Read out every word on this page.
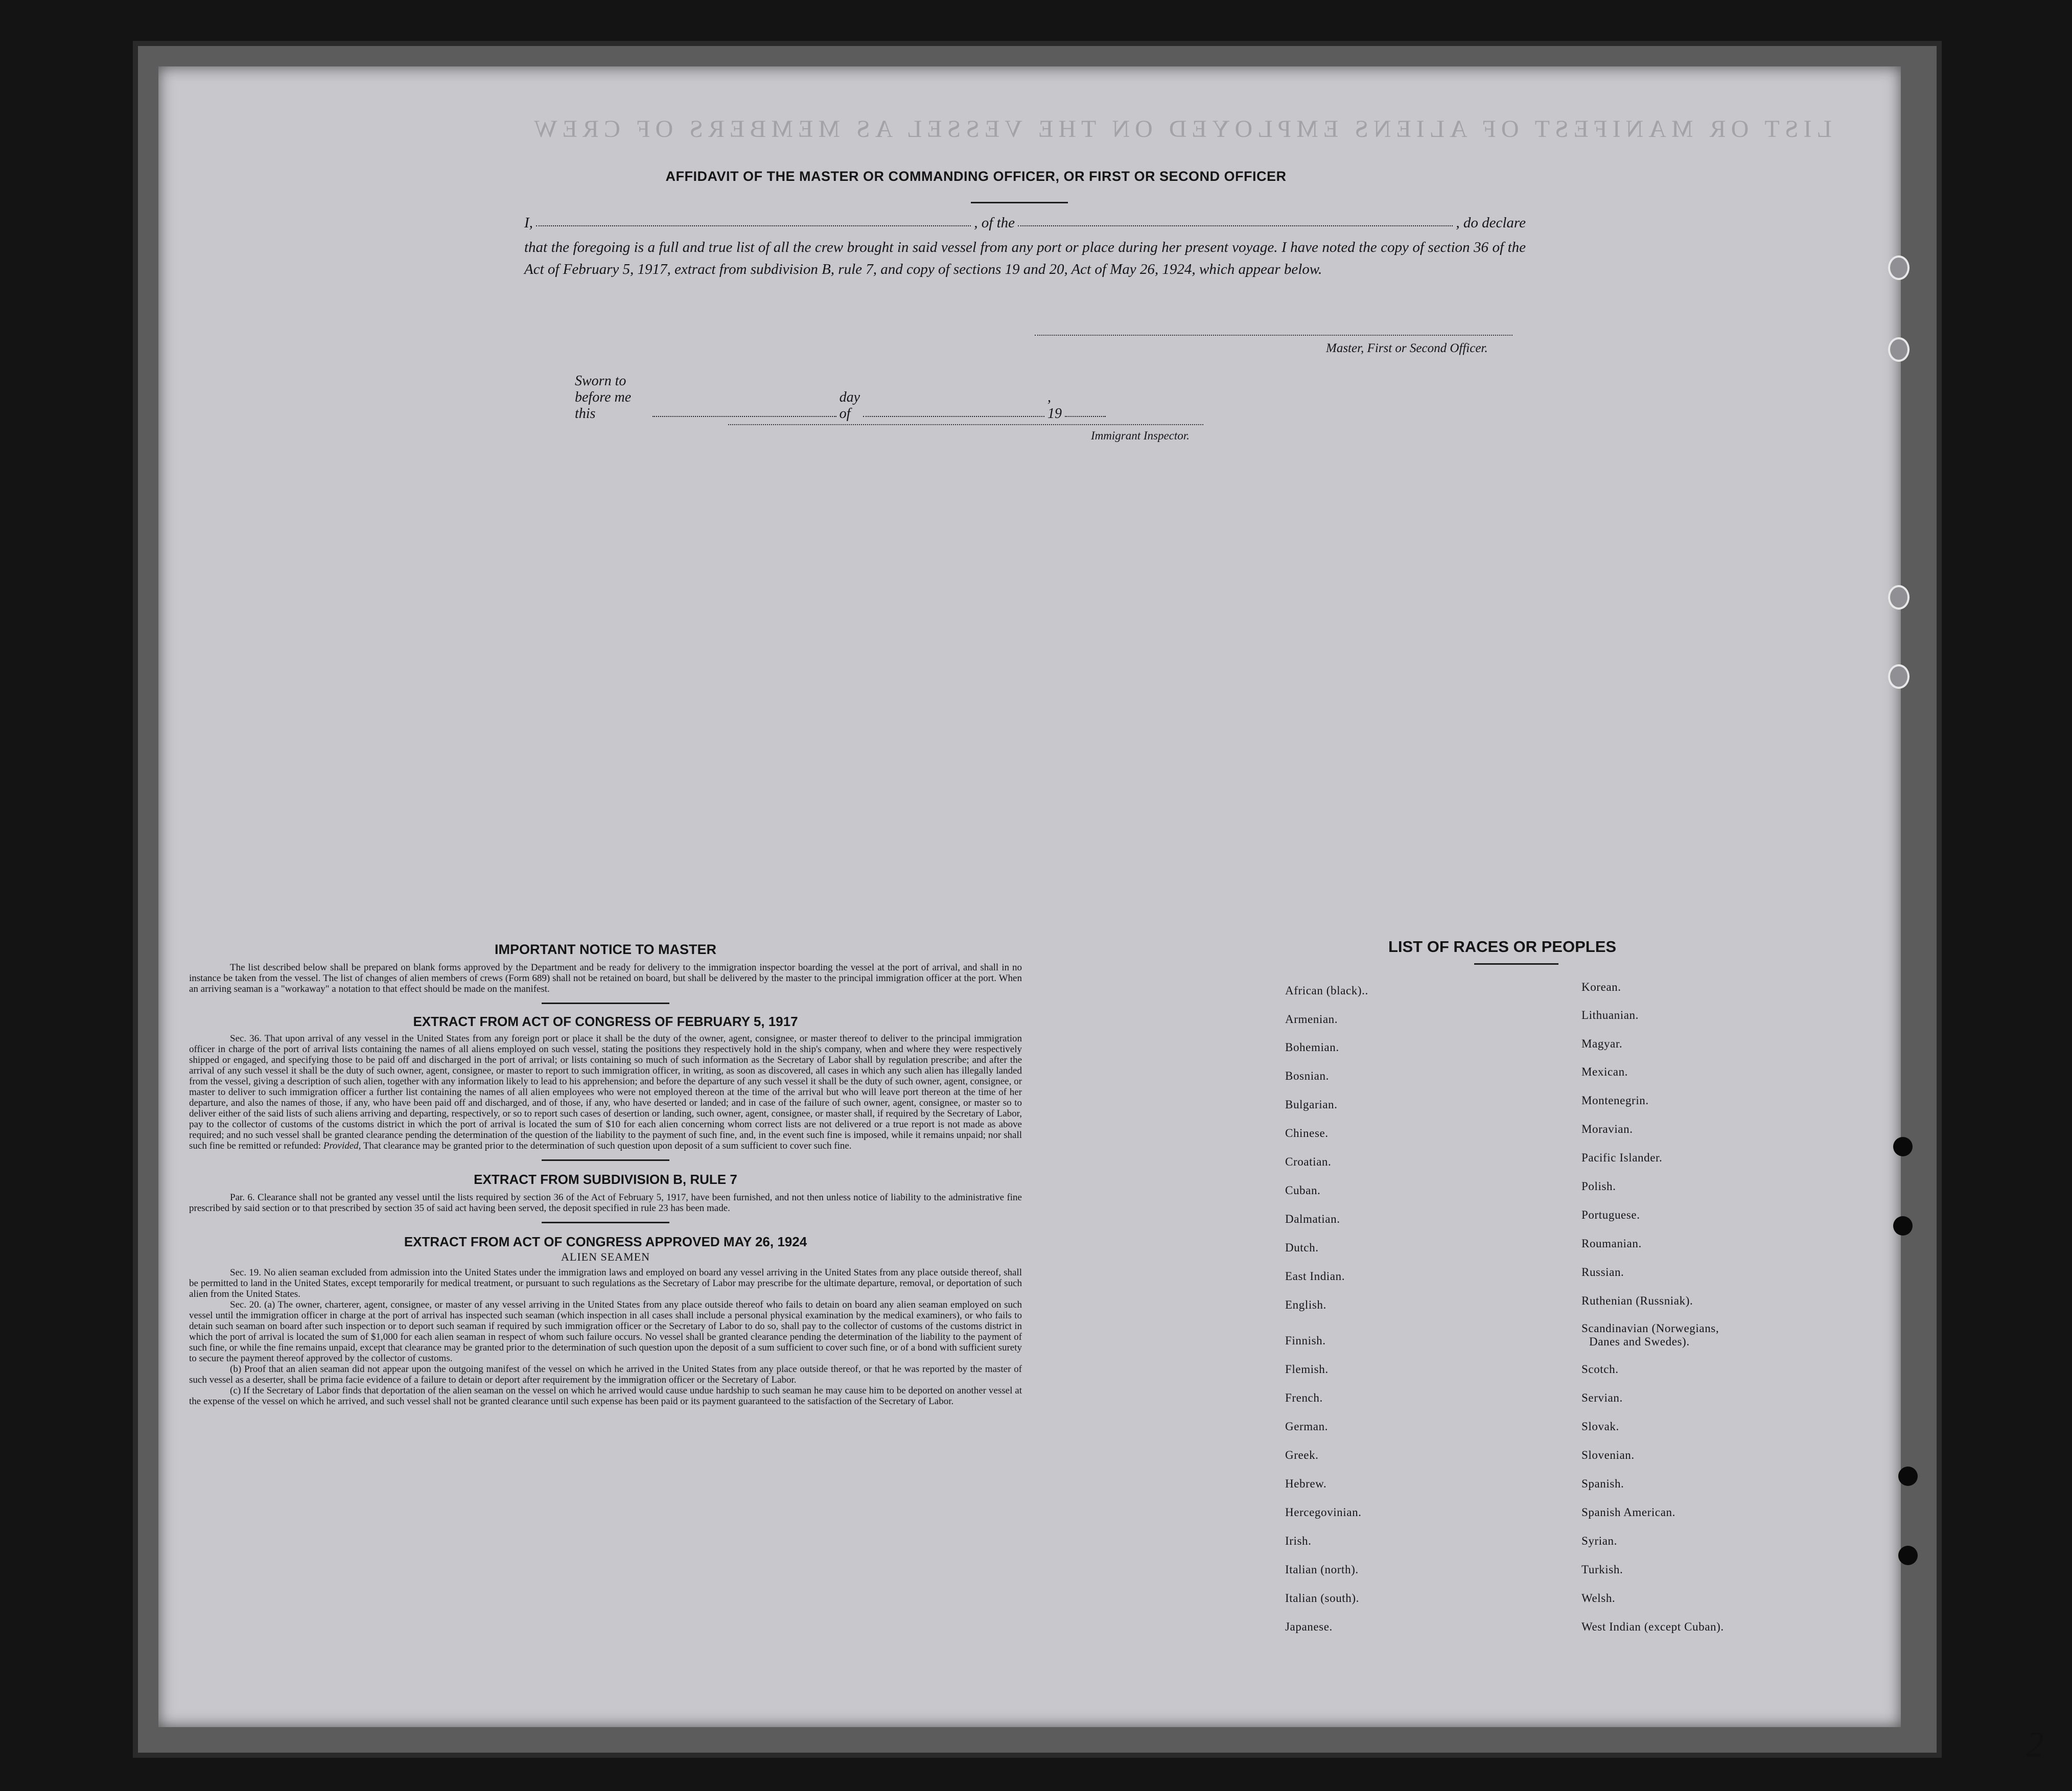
LIST OR MANIFEST OF ALIENS EMPLOYED ON THE VESSEL AS MEMBERS OF CREW
AFFIDAVIT OF THE MASTER OR COMMANDING OFFICER, OR FIRST OR SECOND OFFICER
I,	, of the	, do declare
that the foregoing is a full and true list of all the crew brought in said vessel from any port or place during her present voyage. I have noted the copy of section 36 of the Act of February 5, 1917, extract from subdivision B, rule 7, and copy of sections 19 and 20, Act of May 26, 1924, which appear below.
Master, First or Second Officer.
Sworn to before me this
day of
, 19
Immigrant Inspector.

IMPORTANT NOTICE TO MASTER

The list described below shall be prepared on blank forms approved by the Department and be ready for delivery to the immigration inspector boarding the vessel at the port of arrival, and shall in no instance be taken from the vessel. The list of changes of alien members of crews (Form 689) shall not be retained on board, but shall be delivered by the master to the principal immigration officer at the port. When an arriving seaman is a "workaway" a notation to that effect should be made on the manifest.

EXTRACT FROM ACT OF CONGRESS OF FEBRUARY 5, 1917

Sec. 36. That upon arrival of any vessel in the United States from any foreign port or place it shall be the duty of the owner, agent, consignee, or master thereof to deliver to the principal immigration officer in charge of the port of arrival lists containing the names of all aliens employed on such vessel, stating the positions they respectively hold in the ship's company, when and where they were respectively shipped or engaged, and specifying those to be paid off and discharged in the port of arrival; or lists containing so much of such information as the Secretary of Labor shall by regulation prescribe; and after the arrival of any such vessel it shall be the duty of such owner, agent, consignee, or master to report to such immigration officer, in writing, as soon as discovered, all cases in which any such alien has illegally landed from the vessel, giving a description of such alien, together with any information likely to lead to his apprehension; and before the departure of any such vessel it shall be the duty of such owner, agent, consignee, or master to deliver to such immigration officer a further list containing the names of all alien employees who were not employed thereon at the time of the arrival but who will leave port thereon at the time of her departure, and also the names of those, if any, who have been paid off and discharged, and of those, if any, who have deserted or landed; and in case of the failure of such owner, agent, consignee, or master so to deliver either of the said lists of such aliens arriving and departing, respectively, or so to report such cases of desertion or landing, such owner, agent, consignee, or master shall, if required by the Secretary of Labor, pay to the collector of customs of the customs district in which the port of arrival is located the sum of $10 for each alien concerning whom correct lists are not delivered or a true report is not made as above required; and no such vessel shall be granted clearance pending the determination of the question of the liability to the payment of such fine, and, in the event such fine is imposed, while it remains unpaid; nor shall such fine be remitted or refunded: Provided, That clearance may be granted prior to the determination of such question upon deposit of a sum sufficient to cover such fine.

EXTRACT FROM SUBDIVISION B, RULE 7

Par. 6. Clearance shall not be granted any vessel until the lists required by section 36 of the Act of February 5, 1917, have been furnished, and not then unless notice of liability to the administrative fine prescribed by said section or to that prescribed by section 35 of said act having been served, the deposit specified in rule 23 has been made.

EXTRACT FROM ACT OF CONGRESS APPROVED MAY 26, 1924

ALIEN SEAMEN

Sec. 19. No alien seaman excluded from admission into the United States under the immigration laws and employed on board any vessel arriving in the United States from any place outside thereof, shall be permitted to land in the United States, except temporarily for medical treatment, or pursuant to such regulations as the Secretary of Labor may prescribe for the ultimate departure, removal, or deportation of such alien from the United States.

Sec. 20. (a) The owner, charterer, agent, consignee, or master of any vessel arriving in the United States from any place outside thereof who fails to detain on board any alien seaman employed on such vessel until the immigration officer in charge at the port of arrival has inspected such seaman (which inspection in all cases shall include a personal physical examination by the medical examiners), or who fails to detain such seaman on board after such inspection or to deport such seaman if required by such immigration officer or the Secretary of Labor to do so, shall pay to the collector of customs of the customs district in which the port of arrival is located the sum of $1,000 for each alien seaman in respect of whom such failure occurs. No vessel shall be granted clearance pending the determination of the liability to the payment of such fine, or while the fine remains unpaid, except that clearance may be granted prior to the determination of such question upon the deposit of a sum sufficient to cover such fine, or of a bond with sufficient surety to secure the payment thereof approved by the collector of customs.

(b) Proof that an alien seaman did not appear upon the outgoing manifest of the vessel on which he arrived in the United States from any place outside thereof, or that he was reported by the master of such vessel as a deserter, shall be prima facie evidence of a failure to detain or deport after requirement by the immigration officer or the Secretary of Labor.

(c) If the Secretary of Labor finds that deportation of the alien seaman on the vessel on which he arrived would cause undue hardship to such seaman he may cause him to be deported on another vessel at the expense of the vessel on which he arrived, and such vessel shall not be granted clearance until such expense has been paid or its payment guaranteed to the satisfaction of the Secretary of Labor.

LIST OF RACES OR PEOPLES
2
African (black)..
Armenian.
Bohemian.
Bosnian.
Bulgarian.
Chinese.
Croatian.
Cuban.
Dalmatian.
Dutch.
East Indian.
English.
Finnish.
Flemish.
French.
German.
Greek.
Hebrew.
Hercegovinian.
Irish.
Italian (north).
Italian (south).
Japanese.
Korean.
Lithuanian.
Magyar.
Mexican.
Montenegrin.
Moravian.
Pacific Islander.
Polish.
Portuguese.
Roumanian.
Russian.
Ruthenian (Russniak).
Scandinavian (Norwegians,
Danes and Swedes).
Scotch.
Servian.
Slovak.
Slovenian.
Spanish.
Spanish American.
Syrian.
Turkish.
Welsh.
West Indian (except Cuban).
